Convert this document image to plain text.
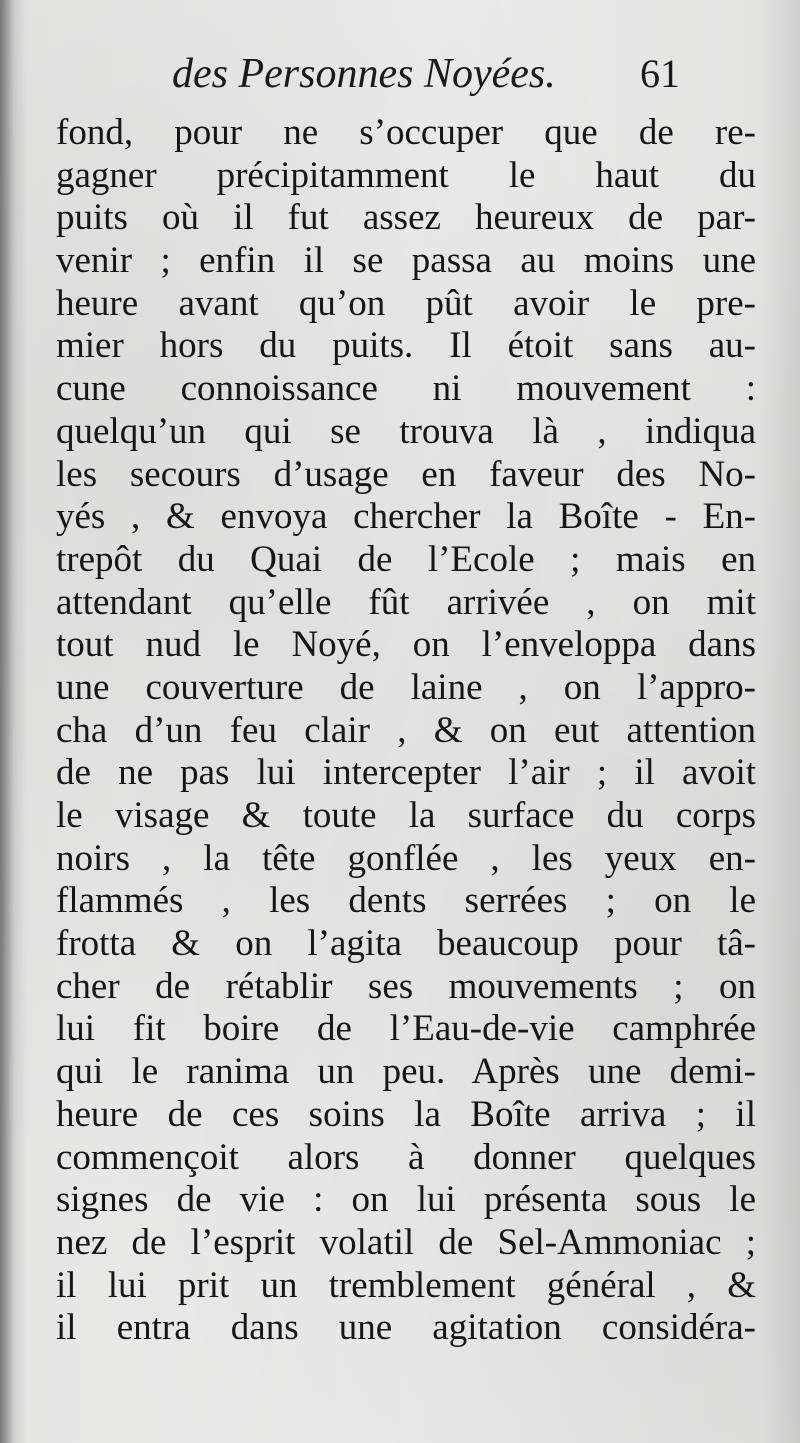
des Personnes Noyées.	61
fond, pour ne s’occuper que de re-
gagner précipitamment le haut du
puits où il fut assez heureux de par-
venir ; enfin il se passa au moins une
heure avant qu’on pût avoir le pre-
mier hors du puits. Il étoit sans au-
cune connoissance ni mouvement :
quelqu’un qui se trouva là , indiqua
les secours d’usage en faveur des No-
yés , & envoya chercher la Boîte - En-
trepôt du Quai de l’Ecole ; mais en
attendant qu’elle fût arrivée , on mit
tout nud le Noyé, on l’enveloppa dans
une couverture de laine , on l’appro-
cha d’un feu clair , & on eut attention
de ne pas lui intercepter l’air ; il avoit
le visage & toute la surface du corps
noirs , la tête gonflée , les yeux en-
flammés , les dents serrées ; on le
frotta & on l’agita beaucoup pour tâ-
cher de rétablir ses mouvements ; on
lui fit boire de l’Eau-de-vie camphrée
qui le ranima un peu. Après une demi-
heure de ces soins la Boîte arriva ; il
commençoit alors à donner quelques
signes de vie : on lui présenta sous le
nez de l’esprit volatil de Sel-Ammoniac ;
il lui prit un tremblement général , &
il entra dans une agitation considéra-
